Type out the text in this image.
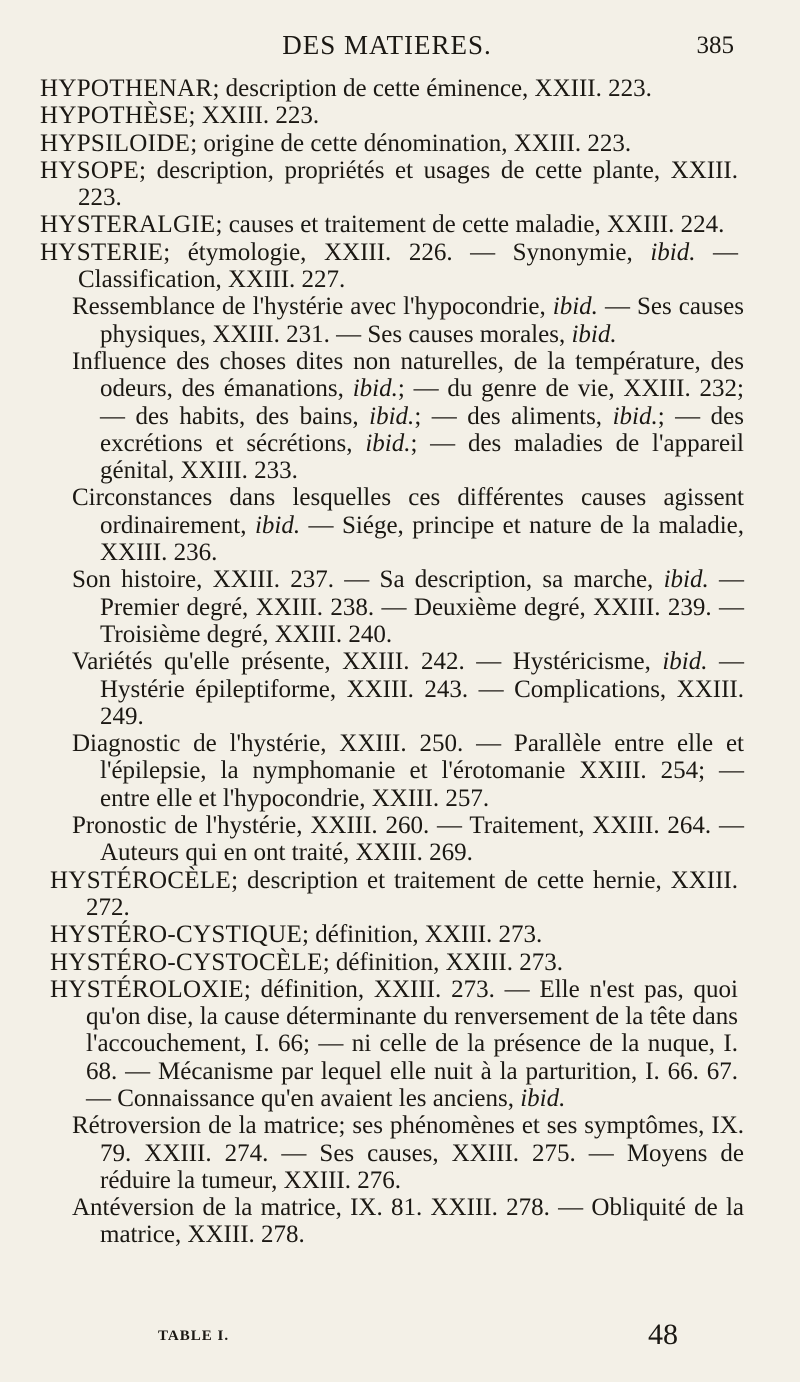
DES MATIERES.	385

HYPOTHENAR; description de cette éminence, XXIII. 223.

HYPOTHÈSE; XXIII. 223.

HYPSILOIDE; origine de cette dénomination, XXIII. 223.

HYSOPE; description, propriétés et usages de cette plante, XXIII. 223.

HYSTERALGIE; causes et traitement de cette maladie, XXIII. 224.

HYSTERIE; étymologie, XXIII. 226. — Synonymie, ibid. — Classification, XXIII. 227.

Ressemblance de l'hystérie avec l'hypocondrie, ibid. — Ses causes physiques, XXIII. 231. — Ses causes morales, ibid.

Influence des choses dites non naturelles, de la température, des odeurs, des émanations, ibid.; — du genre de vie, XXIII. 232; — des habits, des bains, ibid.; — des aliments, ibid.; — des excrétions et sécrétions, ibid.; — des maladies de l'appareil génital, XXIII. 233.

Circonstances dans lesquelles ces différentes causes agissent ordinairement, ibid. — Siége, principe et nature de la maladie, XXIII. 236.

Son histoire, XXIII. 237. — Sa description, sa marche, ibid. — Premier degré, XXIII. 238. — Deuxième degré, XXIII. 239. — Troisième degré, XXIII. 240.

Variétés qu'elle présente, XXIII. 242. — Hystéricisme, ibid. — Hystérie épileptiforme, XXIII. 243. — Complications, XXIII. 249.

Diagnostic de l'hystérie, XXIII. 250. — Parallèle entre elle et l'épilepsie, la nymphomanie et l'érotomanie XXIII. 254; — entre elle et l'hypocondrie, XXIII. 257.

Pronostic de l'hystérie, XXIII. 260. — Traitement, XXIII. 264. — Auteurs qui en ont traité, XXIII. 269.

HYSTÉROCÈLE; description et traitement de cette hernie, XXIII. 272.

HYSTÉRO-CYSTIQUE; définition, XXIII. 273.

HYSTÉRO-CYSTOCÈLE; définition, XXIII. 273.

HYSTÉROLOXIE; définition, XXIII. 273. — Elle n'est pas, quoi qu'on dise, la cause déterminante du renversement de la tête dans l'accouchement, I. 66; — ni celle de la présence de la nuque, I. 68. — Mécanisme par lequel elle nuit à la parturition, I. 66. 67. — Connaissance qu'en avaient les anciens, ibid.

Rétroversion de la matrice; ses phénomènes et ses symptômes, IX. 79. XXIII. 274. — Ses causes, XXIII. 275. — Moyens de réduire la tumeur, XXIII. 276.

Antéversion de la matrice, IX. 81. XXIII. 278. — Obliquité de la matrice, XXIII. 278.

TABLE I.	48
